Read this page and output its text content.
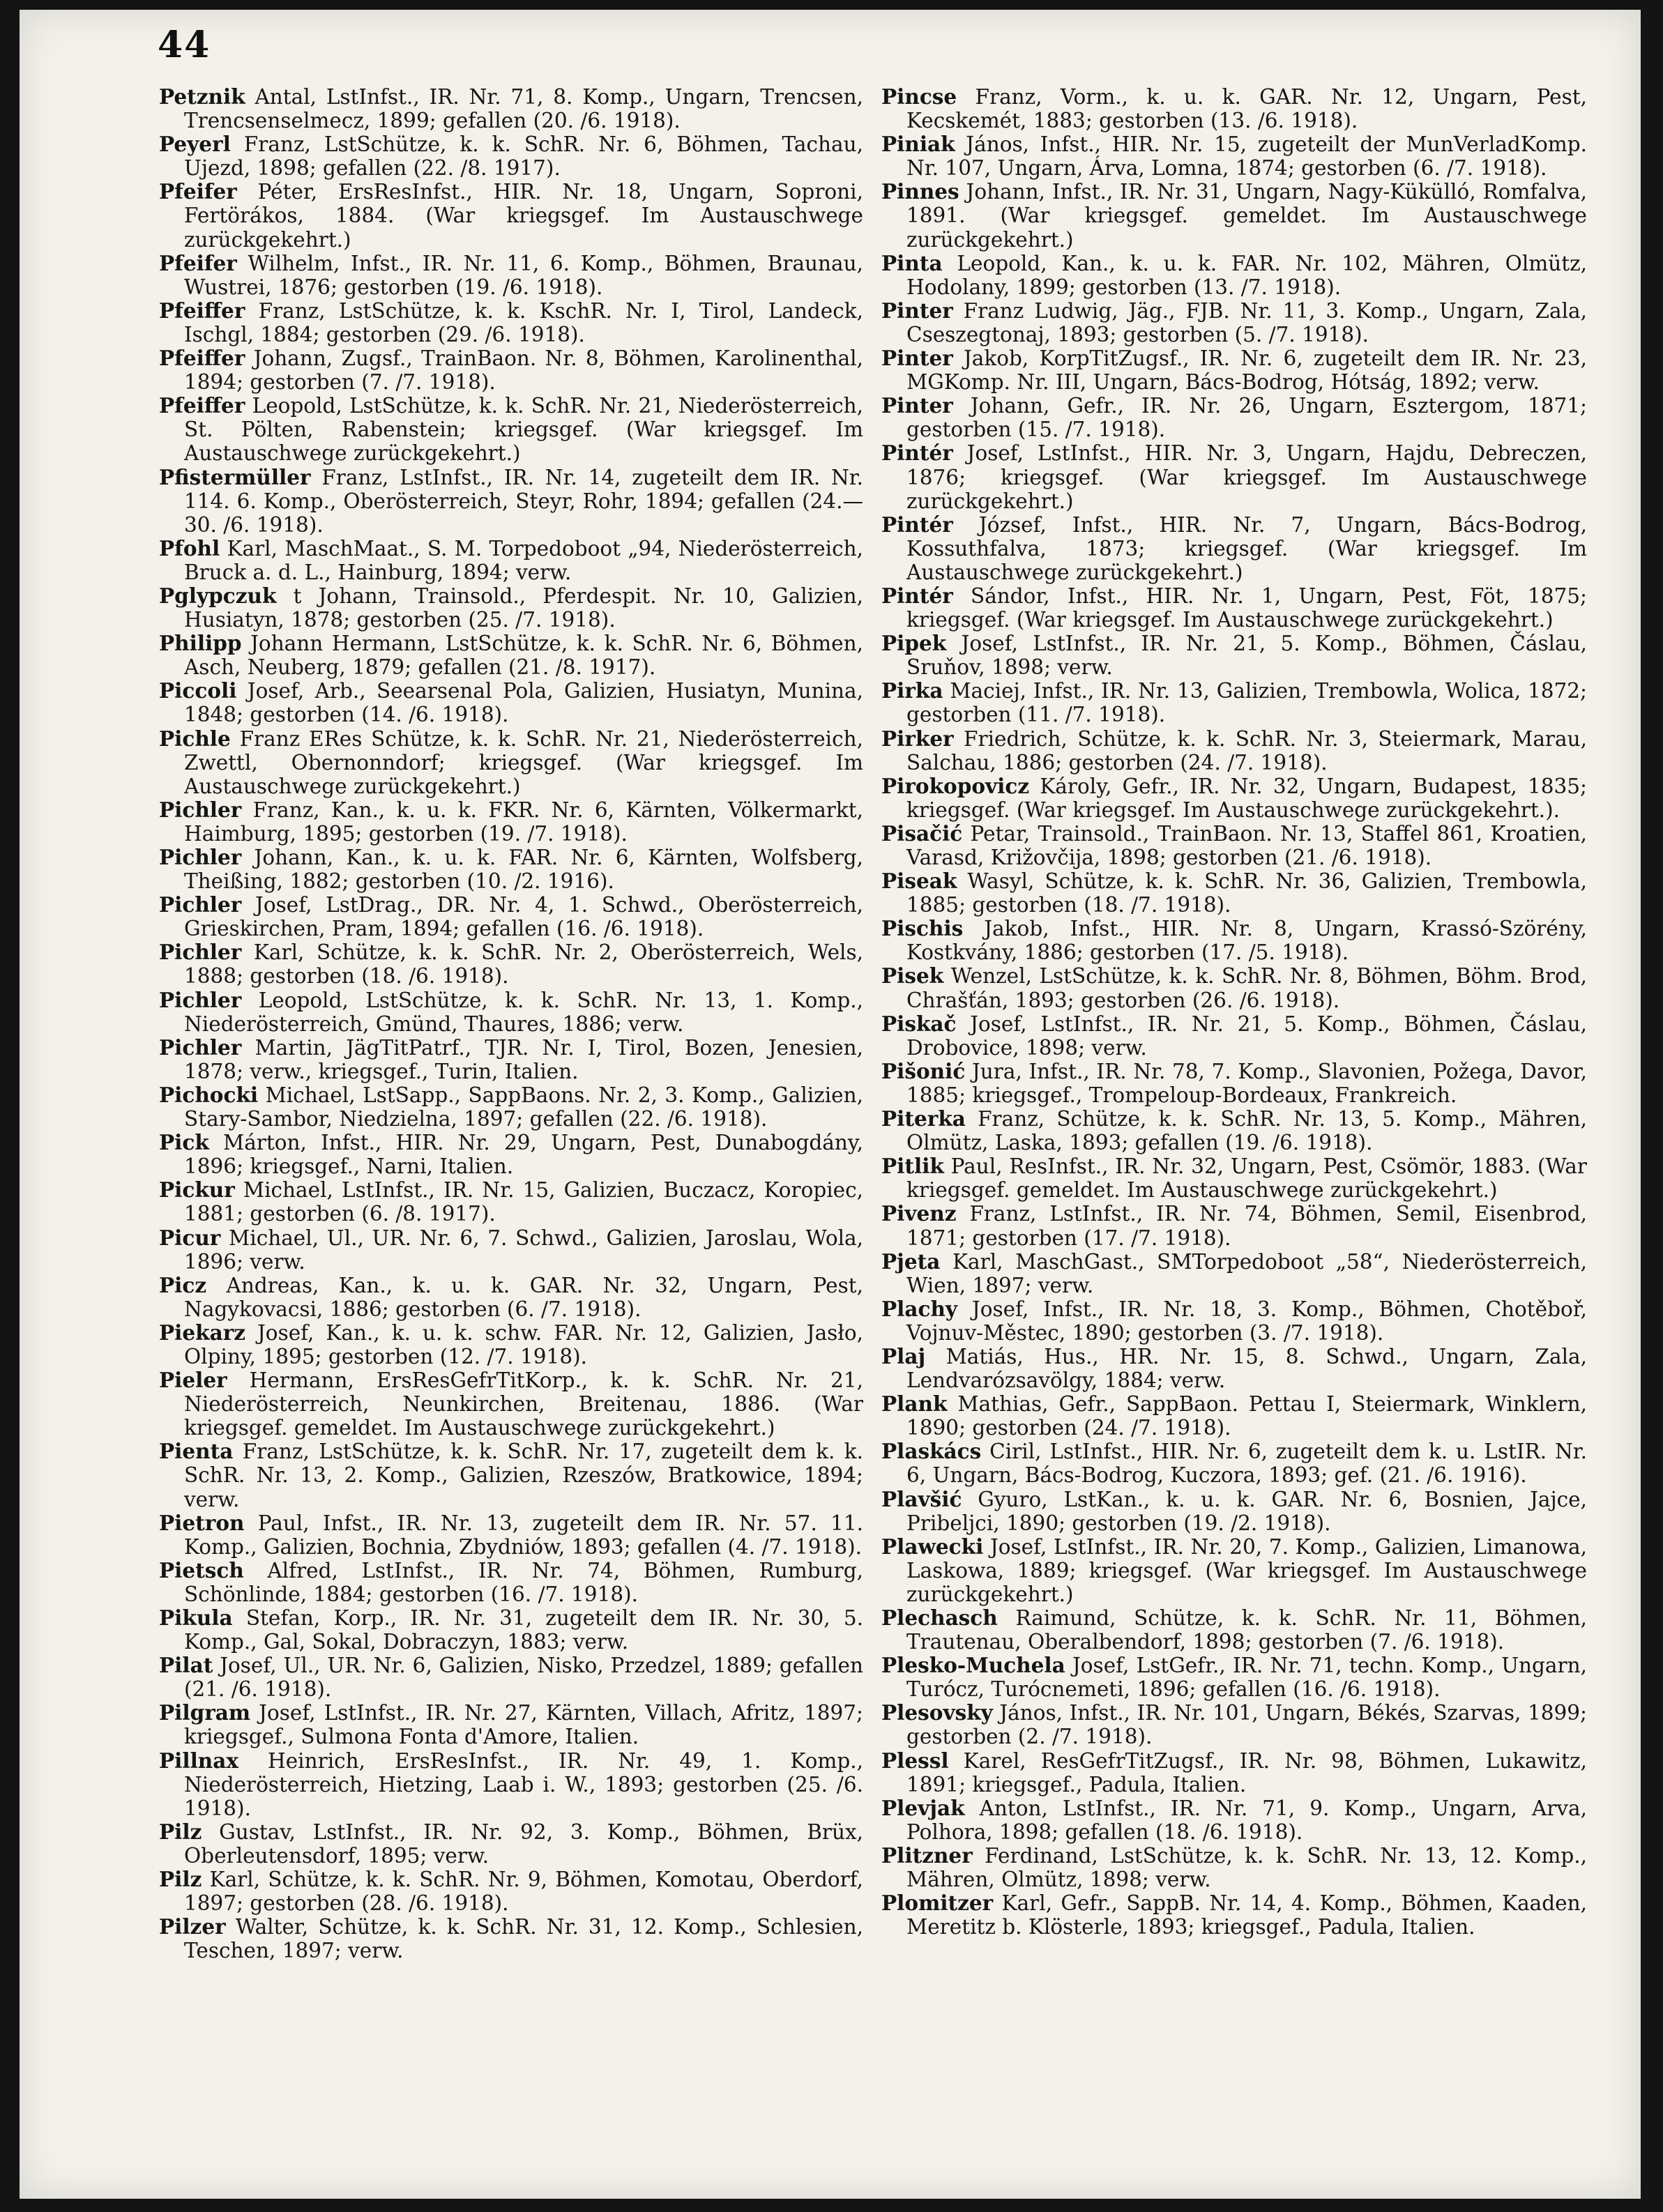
44

Petznik Antal, LstInfst., IR. Nr. 71, 8. Komp., Ungarn, Trencsen, Trencsenselmecz, 1899; gefallen (20. /6. 1918).

Peyerl Franz, LstSchütze, k. k. SchR. Nr. 6, Böhmen, Tachau, Ujezd, 1898; gefallen (22. /8. 1917).

Pfeifer Péter, ErsResInfst., HIR. Nr. 18, Ungarn, Soproni, Fertörákos, 1884. (War kriegsgef. Im Austauschwege zurückgekehrt.)

Pfeifer Wilhelm, Infst., IR. Nr. 11, 6. Komp., Böhmen, Braunau, Wustrei, 1876; gestorben (19. /6. 1918).

Pfeiffer Franz, LstSchütze, k. k. KschR. Nr. I, Tirol, Landeck, Ischgl, 1884; gestorben (29. /6. 1918).

Pfeiffer Johann, Zugsf., TrainBaon. Nr. 8, Böhmen, Karolinenthal, 1894; gestorben (7. /7. 1918).

Pfeiffer Leopold, LstSchütze, k. k. SchR. Nr. 21, Niederösterreich, St. Pölten, Rabenstein; kriegsgef. (War kriegsgef. Im Austauschwege zurückgekehrt.)

Pfistermüller Franz, LstInfst., IR. Nr. 14, zugeteilt dem IR. Nr. 114. 6. Komp., Oberösterreich, Steyr, Rohr, 1894; gefallen (24.—30. /6. 1918).

Pfohl Karl, MaschMaat., S. M. Torpedoboot „94, Niederösterreich, Bruck a. d. L., Hainburg, 1894; verw.

Pglypczuk t Johann, Trainsold., Pferdespit. Nr. 10, Galizien, Husiatyn, 1878; gestorben (25. /7. 1918).

Philipp Johann Hermann, LstSchütze, k. k. SchR. Nr. 6, Böhmen, Asch, Neuberg, 1879; gefallen (21. /8. 1917).

Piccoli Josef, Arb., Seearsenal Pola, Galizien, Husiatyn, Munina, 1848; gestorben (14. /6. 1918).

Pichle Franz ERes Schütze, k. k. SchR. Nr. 21, Niederösterreich, Zwettl, Obernonndorf; kriegsgef. (War kriegsgef. Im Austauschwege zurückgekehrt.)

Pichler Franz, Kan., k. u. k. FKR. Nr. 6, Kärnten, Völkermarkt, Haimburg, 1895; gestorben (19. /7. 1918).

Pichler Johann, Kan., k. u. k. FAR. Nr. 6, Kärnten, Wolfsberg, Theißing, 1882; gestorben (10. /2. 1916).

Pichler Josef, LstDrag., DR. Nr. 4, 1. Schwd., Oberösterreich, Grieskirchen, Pram, 1894; gefallen (16. /6. 1918).

Pichler Karl, Schütze, k. k. SchR. Nr. 2, Oberösterreich, Wels, 1888; gestorben (18. /6. 1918).

Pichler Leopold, LstSchütze, k. k. SchR. Nr. 13, 1. Komp., Niederösterreich, Gmünd, Thaures, 1886; verw.

Pichler Martin, JägTitPatrf., TJR. Nr. I, Tirol, Bozen, Jenesien, 1878; verw., kriegsgef., Turin, Italien.

Pichocki Michael, LstSapp., SappBaons. Nr. 2, 3. Komp., Galizien, Stary-Sambor, Niedzielna, 1897; gefallen (22. /6. 1918).

Pick Márton, Infst., HIR. Nr. 29, Ungarn, Pest, Dunabogdány, 1896; kriegsgef., Narni, Italien.

Pickur Michael, LstInfst., IR. Nr. 15, Galizien, Buczacz, Koropiec, 1881; gestorben (6. /8. 1917).

Picur Michael, Ul., UR. Nr. 6, 7. Schwd., Galizien, Jaroslau, Wola, 1896; verw.

Picz Andreas, Kan., k. u. k. GAR. Nr. 32, Ungarn, Pest, Nagykovacsi, 1886; gestorben (6. /7. 1918).

Piekarz Josef, Kan., k. u. k. schw. FAR. Nr. 12, Galizien, Jasło, Olpiny, 1895; gestorben (12. /7. 1918).

Pieler Hermann, ErsResGefrTitKorp., k. k. SchR. Nr. 21, Niederösterreich, Neunkirchen, Breitenau, 1886. (War kriegsgef. gemeldet. Im Austauschwege zurückgekehrt.)

Pienta Franz, LstSchütze, k. k. SchR. Nr. 17, zugeteilt dem k. k. SchR. Nr. 13, 2. Komp., Galizien, Rzeszów, Bratkowice, 1894; verw.

Pietron Paul, Infst., IR. Nr. 13, zugeteilt dem IR. Nr. 57. 11. Komp., Galizien, Bochnia, Zbydniów, 1893; gefallen (4. /7. 1918).

Pietsch Alfred, LstInfst., IR. Nr. 74, Böhmen, Rumburg, Schönlinde, 1884; gestorben (16. /7. 1918).

Pikula Stefan, Korp., IR. Nr. 31, zugeteilt dem IR. Nr. 30, 5. Komp., Gal, Sokal, Dobraczyn, 1883; verw.

Pilat Josef, Ul., UR. Nr. 6, Galizien, Nisko, Przedzel, 1889; gefallen (21. /6. 1918).

Pilgram Josef, LstInfst., IR. Nr. 27, Kärnten, Villach, Afritz, 1897; kriegsgef., Sulmona Fonta d'Amore, Italien.

Pillnax Heinrich, ErsResInfst., IR. Nr. 49, 1. Komp., Niederösterreich, Hietzing, Laab i. W., 1893; gestorben (25. /6. 1918).

Pilz Gustav, LstInfst., IR. Nr. 92, 3. Komp., Böhmen, Brüx, Oberleutensdorf, 1895; verw.

Pilz Karl, Schütze, k. k. SchR. Nr. 9, Böhmen, Komotau, Oberdorf, 1897; gestorben (28. /6. 1918).

Pilzer Walter, Schütze, k. k. SchR. Nr. 31, 12. Komp., Schlesien, Teschen, 1897; verw.

Pincse Franz, Vorm., k. u. k. GAR. Nr. 12, Ungarn, Pest, Kecskemét, 1883; gestorben (13. /6. 1918).

Piniak János, Infst., HIR. Nr. 15, zugeteilt der MunVerladKomp. Nr. 107, Ungarn, Árva, Lomna, 1874; gestorben (6. /7. 1918).

Pinnes Johann, Infst., IR. Nr. 31, Ungarn, Nagy-Kükülló, Romfalva, 1891. (War kriegsgef. gemeldet. Im Austauschwege zurückgekehrt.)

Pinta Leopold, Kan., k. u. k. FAR. Nr. 102, Mähren, Olmütz, Hodolany, 1899; gestorben (13. /7. 1918).

Pinter Franz Ludwig, Jäg., FJB. Nr. 11, 3. Komp., Ungarn, Zala, Cseszegtonaj, 1893; gestorben (5. /7. 1918).

Pinter Jakob, KorpTitZugsf., IR. Nr. 6, zugeteilt dem IR. Nr. 23, MGKomp. Nr. III, Ungarn, Bács-Bodrog, Hótság, 1892; verw.

Pinter Johann, Gefr., IR. Nr. 26, Ungarn, Esztergom, 1871; gestorben (15. /7. 1918).

Pintér Josef, LstInfst., HIR. Nr. 3, Ungarn, Hajdu, Debreczen, 1876; kriegsgef. (War kriegsgef. Im Austauschwege zurückgekehrt.)

Pintér József, Infst., HIR. Nr. 7, Ungarn, Bács-Bodrog, Kossuthfalva, 1873; kriegsgef. (War kriegsgef. Im Austauschwege zurückgekehrt.)

Pintér Sándor, Infst., HIR. Nr. 1, Ungarn, Pest, Föt, 1875; kriegsgef. (War kriegsgef. Im Austauschwege zurückgekehrt.)

Pipek Josef, LstInfst., IR. Nr. 21, 5. Komp., Böhmen, Čáslau, Sruňov, 1898; verw.

Pirka Maciej, Infst., IR. Nr. 13, Galizien, Trembowla, Wolica, 1872; gestorben (11. /7. 1918).

Pirker Friedrich, Schütze, k. k. SchR. Nr. 3, Steiermark, Marau, Salchau, 1886; gestorben (24. /7. 1918).

Pirokopovicz Károly, Gefr., IR. Nr. 32, Ungarn, Budapest, 1835; kriegsgef. (War kriegsgef. Im Austauschwege zurückgekehrt.).

Pisačić Petar, Trainsold., TrainBaon. Nr. 13, Staffel 861, Kroatien, Varasd, Križovčija, 1898; gestorben (21. /6. 1918).

Piseak Wasyl, Schütze, k. k. SchR. Nr. 36, Galizien, Trembowla, 1885; gestorben (18. /7. 1918).

Pischis Jakob, Infst., HIR. Nr. 8, Ungarn, Krassó-Szörény, Kostkvány, 1886; gestorben (17. /5. 1918).

Pisek Wenzel, LstSchütze, k. k. SchR. Nr. 8, Böhmen, Böhm. Brod, Chrašťán, 1893; gestorben (26. /6. 1918).

Piskač Josef, LstInfst., IR. Nr. 21, 5. Komp., Böhmen, Čáslau, Drobovice, 1898; verw.

Pišonić Jura, Infst., IR. Nr. 78, 7. Komp., Slavonien, Požega, Davor, 1885; kriegsgef., Trompeloup-Bordeaux, Frankreich.

Piterka Franz, Schütze, k. k. SchR. Nr. 13, 5. Komp., Mähren, Olmütz, Laska, 1893; gefallen (19. /6. 1918).

Pitlik Paul, ResInfst., IR. Nr. 32, Ungarn, Pest, Csömör, 1883. (War kriegsgef. gemeldet. Im Austauschwege zurückgekehrt.)

Pivenz Franz, LstInfst., IR. Nr. 74, Böhmen, Semil, Eisenbrod, 1871; gestorben (17. /7. 1918).

Pjeta Karl, MaschGast., SMTorpedoboot „58“, Niederösterreich, Wien, 1897; verw.

Plachy Josef, Infst., IR. Nr. 18, 3. Komp., Böhmen, Chotěboř, Vojnuv-Městec, 1890; gestorben (3. /7. 1918).

Plaj Matiás, Hus., HR. Nr. 15, 8. Schwd., Ungarn, Zala, Lendvarózsavölgy, 1884; verw.

Plank Mathias, Gefr., SappBaon. Pettau I, Steiermark, Winklern, 1890; gestorben (24. /7. 1918).

Plaskács Ciril, LstInfst., HIR. Nr. 6, zugeteilt dem k. u. LstIR. Nr. 6, Ungarn, Bács-Bodrog, Kuczora, 1893; gef. (21. /6. 1916).

Plavšić Gyuro, LstKan., k. u. k. GAR. Nr. 6, Bosnien, Jajce, Pribeljci, 1890; gestorben (19. /2. 1918).

Plawecki Josef, LstInfst., IR. Nr. 20, 7. Komp., Galizien, Limanowa, Laskowa, 1889; kriegsgef. (War kriegsgef. Im Austauschwege zurückgekehrt.)

Plechasch Raimund, Schütze, k. k. SchR. Nr. 11, Böhmen, Trautenau, Oberalbendorf, 1898; gestorben (7. /6. 1918).

Plesko-Muchela Josef, LstGefr., IR. Nr. 71, techn. Komp., Ungarn, Turócz, Turócnemeti, 1896; gefallen (16. /6. 1918).

Plesovsky János, Infst., IR. Nr. 101, Ungarn, Békés, Szarvas, 1899; gestorben (2. /7. 1918).

Plessl Karel, ResGefrTitZugsf., IR. Nr. 98, Böhmen, Lukawitz, 1891; kriegsgef., Padula, Italien.

Plevjak Anton, LstInfst., IR. Nr. 71, 9. Komp., Ungarn, Arva, Polhora, 1898; gefallen (18. /6. 1918).

Plitzner Ferdinand, LstSchütze, k. k. SchR. Nr. 13, 12. Komp., Mähren, Olmütz, 1898; verw.

Plomitzer Karl, Gefr., SappB. Nr. 14, 4. Komp., Böhmen, Kaaden, Meretitz b. Klösterle, 1893; kriegsgef., Padula, Italien.
